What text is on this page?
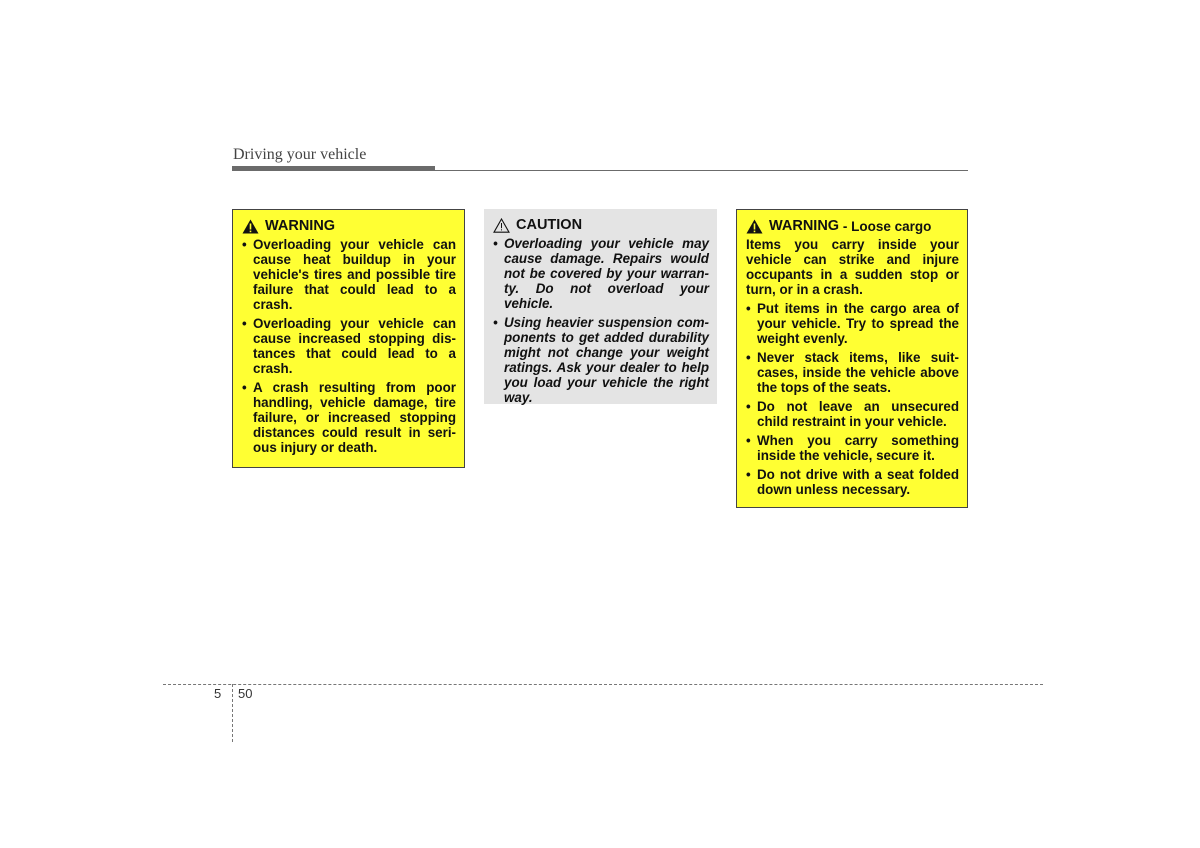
Driving your vehicle
WARNING
• Overloading your vehicle can cause heat buildup in your vehicle's tires and possible tire failure that could lead to a crash.
• Overloading your vehicle can cause increased stopping dis-tances that could lead to a crash.
• A crash resulting from poor handling, vehicle damage, tire failure, or increased stopping distances could result in seri-ous injury or death.
CAUTION
• Overloading your vehicle may cause damage. Repairs would not be covered by your warran-ty. Do not overload your vehicle.
• Using heavier suspension com-ponents to get added durability might not change your weight ratings. Ask your dealer to help you load your vehicle the right way.
WARNING - Loose cargo
Items you carry inside your vehicle can strike and injure occupants in a sudden stop or turn, or in a crash.
• Put items in the cargo area of your vehicle. Try to spread the weight evenly.
• Never stack items, like suit-cases, inside the vehicle above the tops of the seats.
• Do not leave an unsecured child restraint in your vehicle.
• When you carry something inside the vehicle, secure it.
• Do not drive with a seat folded down unless necessary.
5 50
